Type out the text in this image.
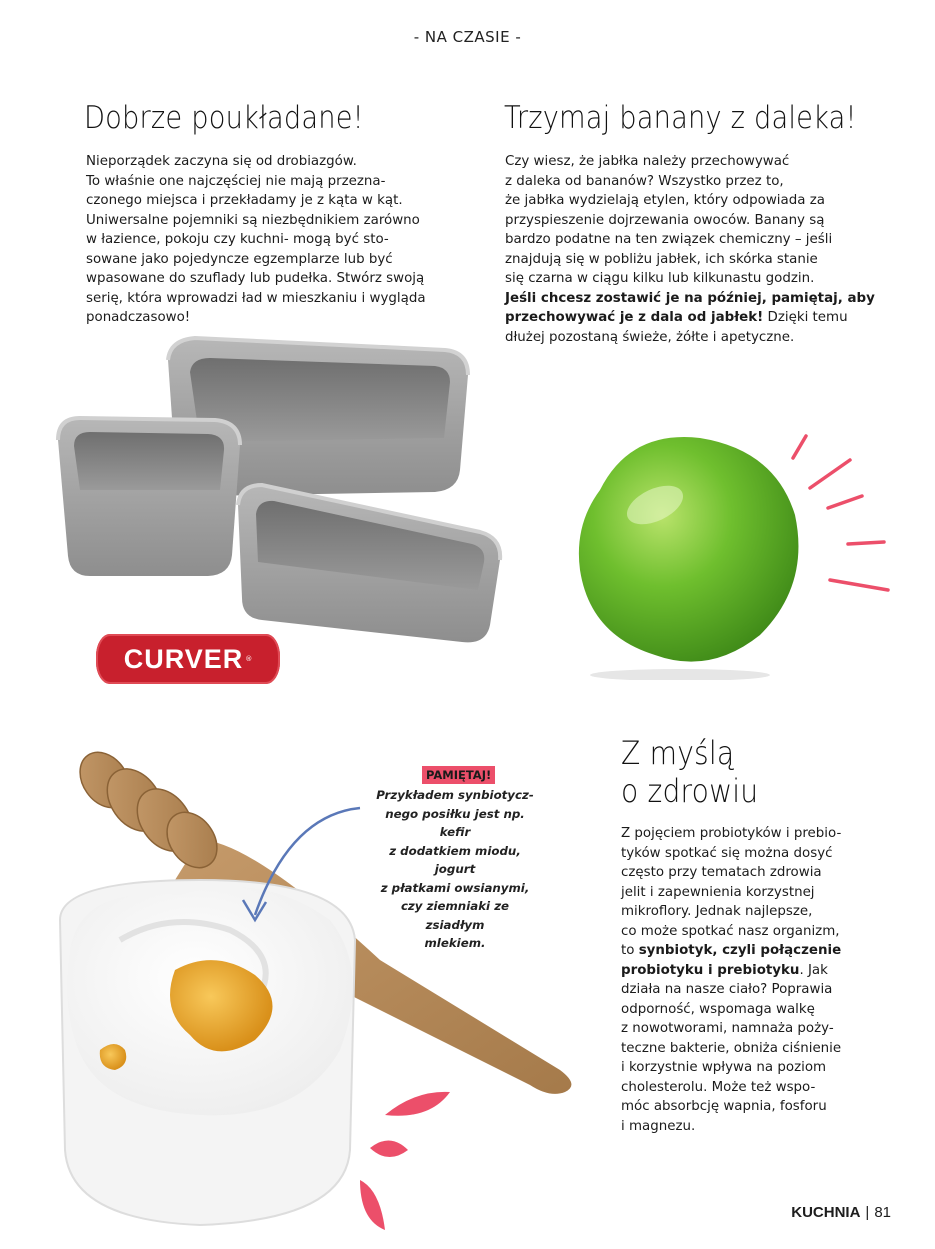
- NA CZASIE -
Dobrze poukładane!
Nieporządek zaczyna się od drobiazgów.
To właśnie one najczęściej nie mają przezna-
czonego miejsca i przekładamy je z kąta w kąt.
Uniwersalne pojemniki są niezbędnikiem zarówno
w łazience, pokoju czy kuchni- mogą być sto-
sowane jako pojedyncze egzemplarze lub być
wpasowane do szuflady lub pudełka. Stwórz swoją
serię, która wprowadzi ład w mieszkaniu i wygląda
ponadczasowo!
CURVER ®
Trzymaj banany z daleka!
Czy wiesz, że jabłka należy przechowywać
z daleka od bananów? Wszystko przez to,
że jabłka wydzielają etylen, który odpowiada za
przyspieszenie dojrzewania owoców. Banany są
bardzo podatne na ten związek chemiczny – jeśli
znajdują się w pobliżu jabłek, ich skórka stanie
się czarna w ciągu kilku lub kilkunastu godzin.
Jeśli chcesz zostawić je na później, pamiętaj, aby
przechowywać je z dala od jabłek! Dzięki temu
dłużej pozostaną świeże, żółte i apetyczne.
Z myślą
o zdrowiu
Z pojęciem probiotyków i prebio-
tyków spotkać się można dosyć
często przy tematach zdrowia
jelit i zapewnienia korzystnej
mikroflory. Jednak najlepsze,
co może spotkać nasz organizm,
to synbiotyk, czyli połączenie
probiotyku i prebiotyku. Jak
działa na nasze ciało? Poprawia
odporność, wspomaga walkę
z nowotworami, namnaża poży-
teczne bakterie, obniża ciśnienie
i korzystnie wpływa na poziom
cholesterolu. Może też wspo-
móc absorbcję wapnia, fosforu
i magnezu.
PAMIĘTAJ!
Przykładem synbiotycz-
nego posiłku jest np. kefir
z dodatkiem miodu, jogurt
z płatkami owsianymi,
czy ziemniaki ze zsiadłym
mlekiem.
KUCHNIA | 81
